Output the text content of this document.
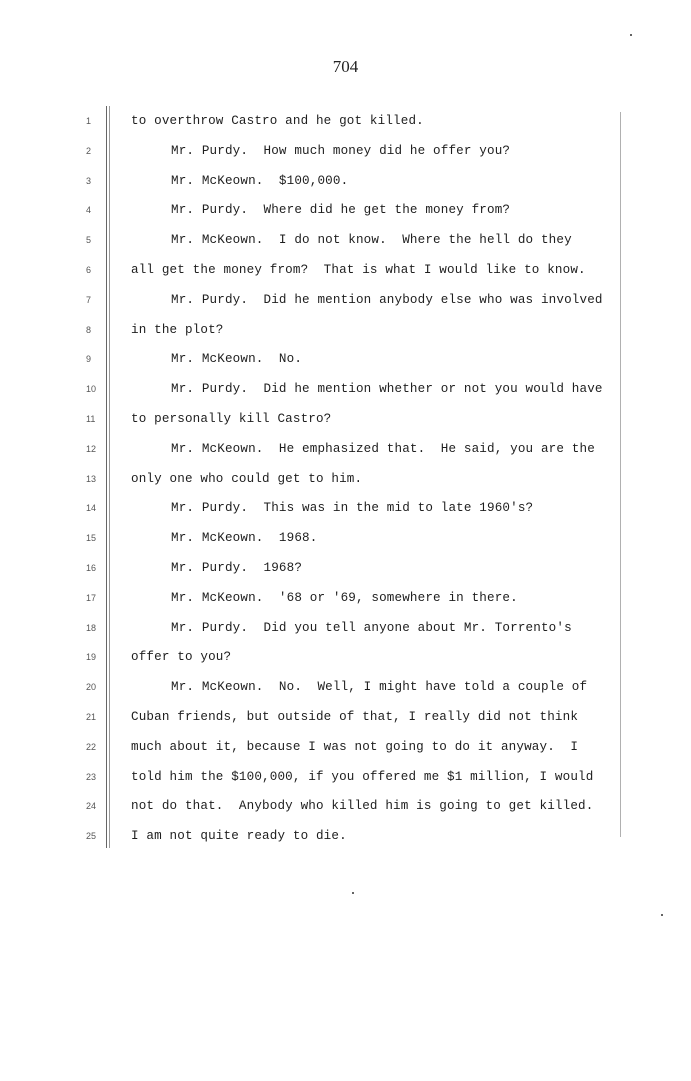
704
1	to overthrow Castro and he got killed.
2	Mr. Purdy.  How much money did he offer you?
3	Mr. McKeown.  $100,000.
4	Mr. Purdy.  Where did he get the money from?
5	Mr. McKeown.  I do not know.  Where the hell do they
6	all get the money from?  That is what I would like to know.
7	Mr. Purdy.  Did he mention anybody else who was involved
8	in the plot?
9	Mr. McKeown.  No.
10	Mr. Purdy.  Did he mention whether or not you would have
11	to personally kill Castro?
12	Mr. McKeown.  He emphasized that.  He said, you are the
13	only one who could get to him.
14	Mr. Purdy.  This was in the mid to late 1960's?
15	Mr. McKeown.  1968.
16	Mr. Purdy.  1968?
17	Mr. McKeown.  '68 or '69, somewhere in there.
18	Mr. Purdy.  Did you tell anyone about Mr. Torrento's
19	offer to you?
20	Mr. McKeown.  No.  Well, I might have told a couple of
21	Cuban friends, but outside of that, I really did not think
22	much about it, because I was not going to do it anyway.  I
23	told him the $100,000, if you offered me $1 million, I would
24	not do that.  Anybody who killed him is going to get killed.
25	I am not quite ready to die.
